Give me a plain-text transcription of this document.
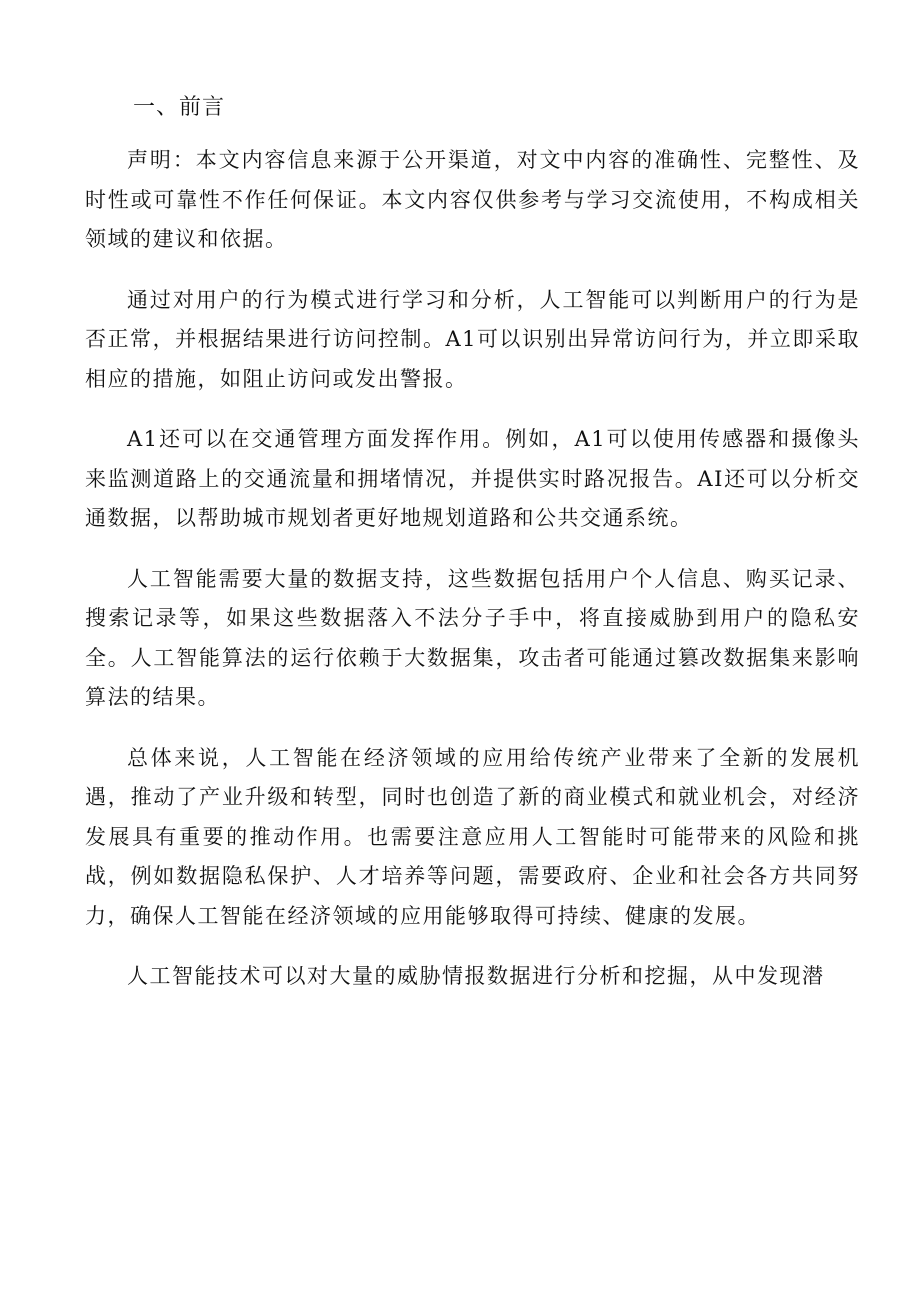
一、前言

声明：本文内容信息来源于公开渠道，对文中内容的准确性、完整性、及时性或可靠性不作任何保证。本文内容仅供参考与学习交流使用，不构成相关领域的建议和依据。

通过对用户的行为模式进行学习和分析，人工智能可以判断用户的行为是否正常，并根据结果进行访问控制。A1可以识别出异常访问行为，并立即采取相应的措施，如阻止访问或发出警报。

A1还可以在交通管理方面发挥作用。例如，A1可以使用传感器和摄像头来监测道路上的交通流量和拥堵情况，并提供实时路况报告。AI还可以分析交通数据，以帮助城市规划者更好地规划道路和公共交通系统。

人工智能需要大量的数据支持，这些数据包括用户个人信息、购买记录、搜索记录等，如果这些数据落入不法分子手中，将直接威胁到用户的隐私安全。人工智能算法的运行依赖于大数据集，攻击者可能通过篡改数据集来影响算法的结果。

总体来说，人工智能在经济领域的应用给传统产业带来了全新的发展机遇，推动了产业升级和转型，同时也创造了新的商业模式和就业机会，对经济发展具有重要的推动作用。也需要注意应用人工智能时可能带来的风险和挑战，例如数据隐私保护、人才培养等问题，需要政府、企业和社会各方共同努力，确保人工智能在经济领域的应用能够取得可持续、健康的发展。

人工智能技术可以对大量的威胁情报数据进行分析和挖掘，从中发现潜
